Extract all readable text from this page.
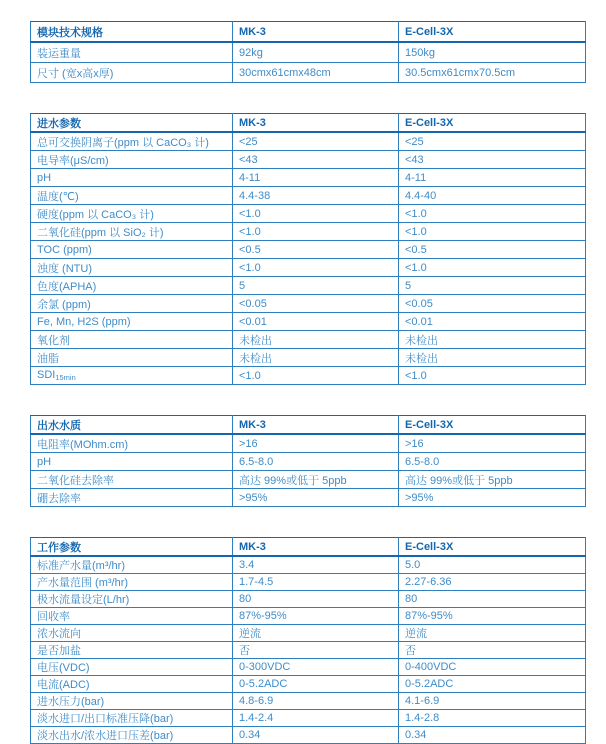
模块技术规格	MK-3	E-Cell-3X
装运重量	92kg	150kg
尺寸 (宽x高x厚)	30cmx61cmx48cm	30.5cmx61cmx70.5cm
进水参数	MK-3	E-Cell-3X
总可交换阴离子(ppm 以 CaCO₃ 计)	<25	<25
电导率(μS/cm)	<43	<43
pH	4-11	4-11
温度(℃)	4.4-38	4.4-40
硬度(ppm 以 CaCO₃ 计)	<1.0	<1.0
二氧化硅(ppm 以 SiO₂ 计)	<1.0	<1.0
TOC (ppm)	<0.5	<0.5
浊度 (NTU)	<1.0	<1.0
色度(APHA)	5	5
余氯 (ppm)	<0.05	<0.05
Fe, Mn, H2S (ppm)	<0.01	<0.01
氧化剂	未检出	未检出
油脂	未检出	未检出
$SDI_{15min}$	<1.0	<1.0
出水水质	MK-3	E-Cell-3X
电阻率(MOhm.cm)	>16	>16
pH	6.5-8.0	6.5-8.0
二氧化硅去除率	高达 99%或低于 5ppb	高达 99%或低于 5ppb
硼去除率	>95%	>95%
工作参数	MK-3	E-Cell-3X
标准产水量(m³/hr)	3.4	5.0
产水量范围 (m³/hr)	1.7-4.5	2.27-6.36
极水流量设定(L/hr)	80	80
回收率	87%-95%	87%-95%
浓水流向	逆流	逆流
是否加盐	否	否
电压(VDC)	0-300VDC	0-400VDC
电流(ADC)	0-5.2ADC	0-5.2ADC
进水压力(bar)	4.8-6.9	4.1-6.9
淡水进口/出口标准压降(bar)	1.4-2.4	1.4-2.8
淡水出水/浓水进口压差(bar)	0.34	0.34
